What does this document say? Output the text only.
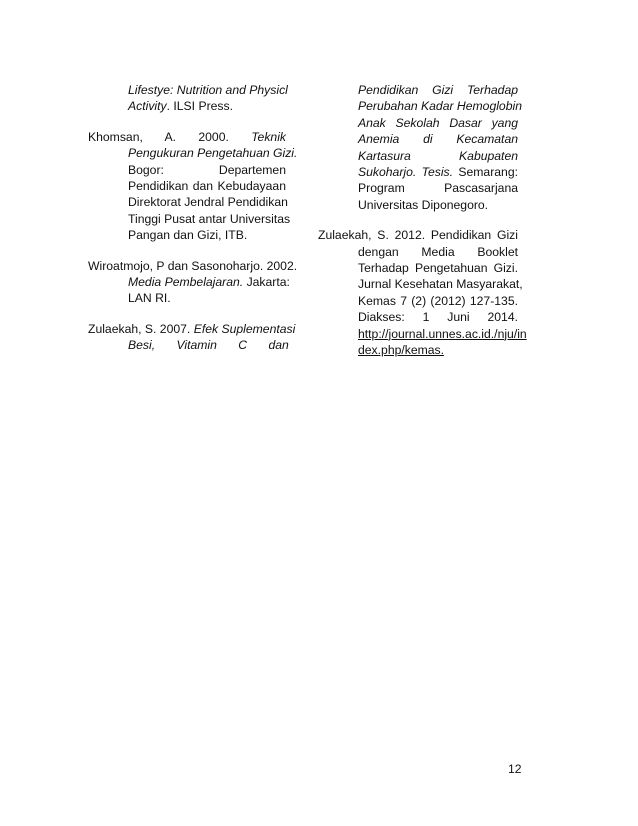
Lifestye: Nutrition and Physicl
Activity. ILSI Press.
Khomsan, A. 2000. Teknik
Pengukuran Pengetahuan Gizi.
Bogor: Departemen
Pendidikan dan Kebudayaan
Direktorat Jendral Pendidikan
Tinggi Pusat antar Universitas
Pangan dan Gizi, ITB.
Wiroatmojo, P dan Sasonoharjo. 2002.
Media Pembelajaran. Jakarta:
LAN RI.
Zulaekah, S. 2007. Efek Suplementasi
Besi, Vitamin C dan
Pendidikan Gizi Terhadap
Perubahan Kadar Hemoglobin
Anak Sekolah Dasar yang
Anemia di Kecamatan
Kartasura Kabupaten
Sukoharjo. Tesis. Semarang:
Program Pascasarjana
Universitas Diponegoro.
Zulaekah, S. 2012. Pendidikan Gizi
dengan Media Booklet
Terhadap Pengetahuan Gizi.
Jurnal Kesehatan Masyarakat,
Kemas 7 (2) (2012) 127-135.
Diakses: 1 Juni 2014.
http://journal.unnes.ac.id./nju/in
dex.php/kemas.
12
